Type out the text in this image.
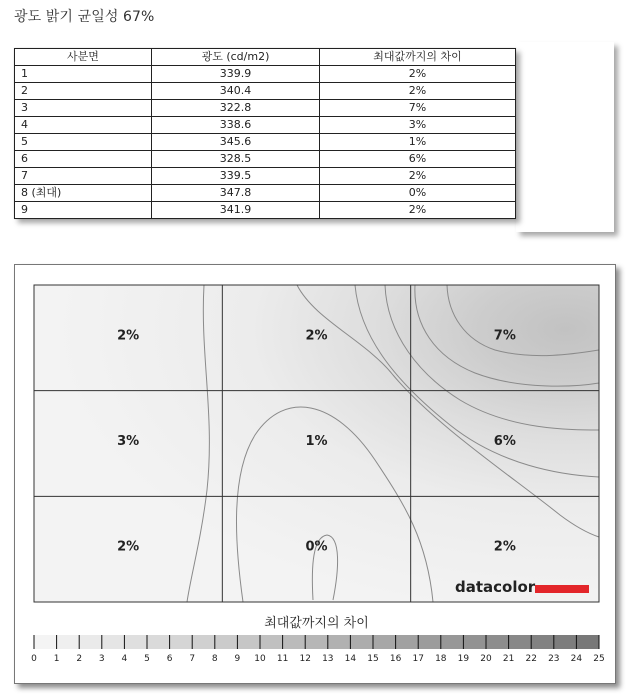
광도 밝기 균일성 67%
사분면	광도 (cd/m2)	최대값까지의 차이
1	339.9	2%
2	340.4	2%
3	322.8	7%
4	338.6	3%
5	345.6	1%
6	328.5	6%
7	339.5	2%
8 (최대)	347.8	0%
9	341.9	2%
2%	2%	7%
3%	1%	6%
2%	0%	2%
datacolor
최대값까지의 차이
0 1 2 3 4 5 6 7 8 9 10 11 12 13 14 15 16 17 18 19 20 21 22 23 24 25
